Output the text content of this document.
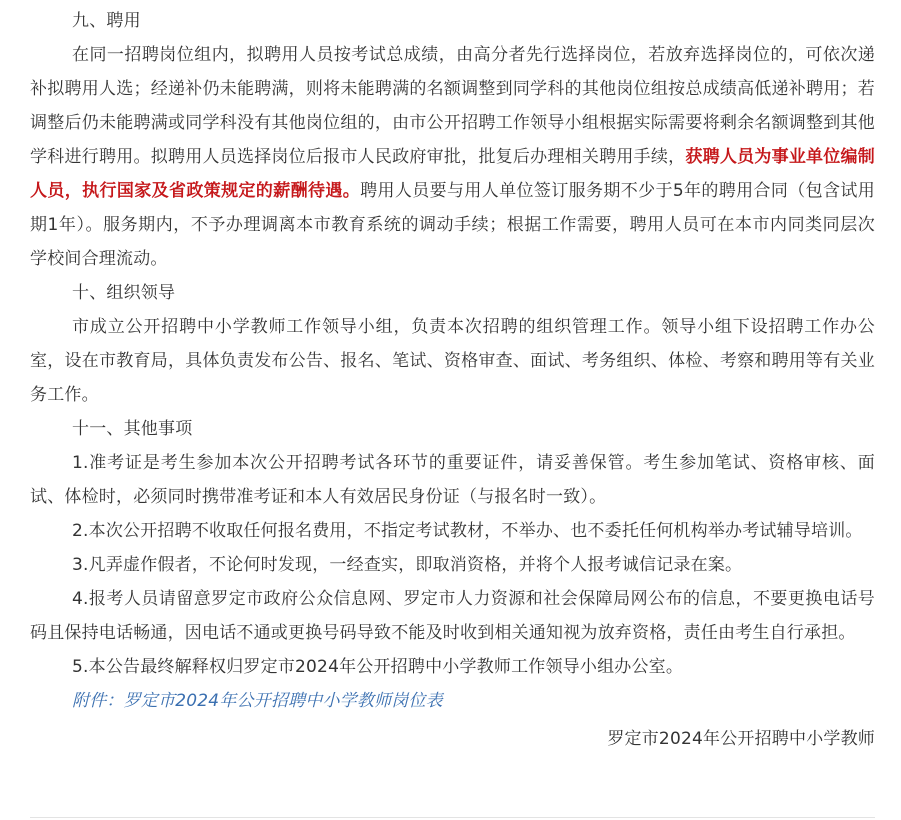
九、聘用

在同一招聘岗位组内，拟聘用人员按考试总成绩，由高分者先行选择岗位，若放弃选择岗位的，可依次递补拟聘用人选；经递补仍未能聘满，则将未能聘满的名额调整到同学科的其他岗位组按总成绩高低递补聘用；若调整后仍未能聘满或同学科没有其他岗位组的，由市公开招聘工作领导小组根据实际需要将剩余名额调整到其他学科进行聘用。拟聘用人员选择岗位后报市人民政府审批，批复后办理相关聘用手续，获聘人员为事业单位编制人员，执行国家及省政策规定的薪酬待遇。聘用人员要与用人单位签订服务期不少于5年的聘用合同（包含试用期1年）。服务期内，不予办理调离本市教育系统的调动手续；根据工作需要，聘用人员可在本市内同类同层次学校间合理流动。

十、组织领导

市成立公开招聘中小学教师工作领导小组，负责本次招聘的组织管理工作。领导小组下设招聘工作办公室，设在市教育局，具体负责发布公告、报名、笔试、资格审查、面试、考务组织、体检、考察和聘用等有关业务工作。

十一、其他事项

1.准考证是考生参加本次公开招聘考试各环节的重要证件，请妥善保管。考生参加笔试、资格审核、面试、体检时，必须同时携带准考证和本人有效居民身份证（与报名时一致）。

2.本次公开招聘不收取任何报名费用，不指定考试教材，不举办、也不委托任何机构举办考试辅导培训。

3.凡弄虚作假者，不论何时发现，一经查实，即取消资格，并将个人报考诚信记录在案。

4.报考人员请留意罗定市政府公众信息网、罗定市人力资源和社会保障局网公布的信息，不要更换电话号码且保持电话畅通，因电话不通或更换号码导致不能及时收到相关通知视为放弃资格，责任由考生自行承担。

5.本公告最终解释权归罗定市2024年公开招聘中小学教师工作领导小组办公室。

附件：罗定市2024年公开招聘中小学教师岗位表

罗定市2024年公开招聘中小学教师
